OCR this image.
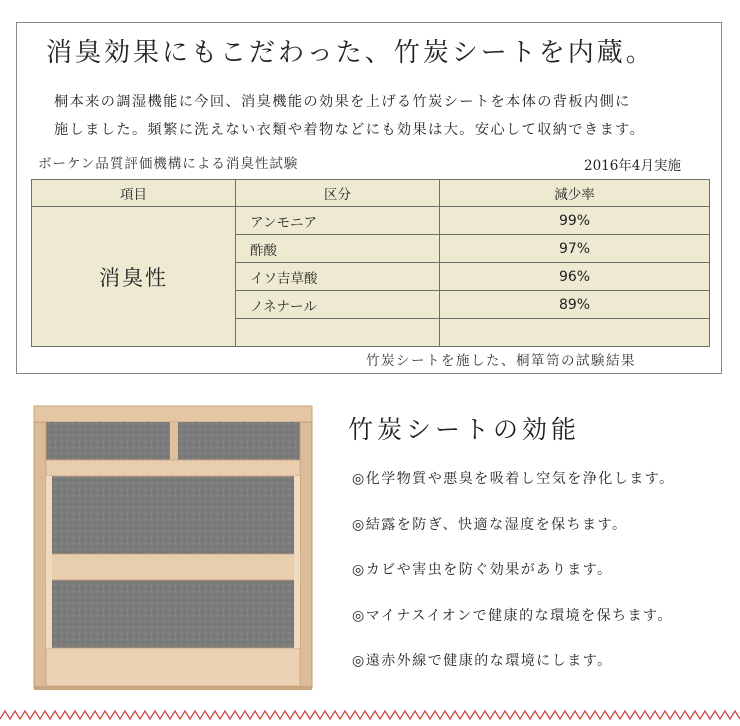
消臭効果にもこだわった、竹炭シートを内蔵。
桐本来の調湿機能に今回、消臭機能の効果を上げる竹炭シートを本体の背板内側に
施しました。頻繁に洗えない衣類や着物などにも効果は大。安心して収納できます。
ボーケン品質評価機構による消臭性試験	2016年4月実施
項目	区分	減少率
消臭性	アンモニア	99%
	酢酸	97%
	イソ吉草酸	96%
	ノネナール	89%

竹炭シートを施した、桐箪笥の試験結果
竹炭シートの効能
◎化学物質や悪臭を吸着し空気を浄化します。
◎結露を防ぎ、快適な湿度を保ちます。
◎カビや害虫を防ぐ効果があります。
◎マイナスイオンで健康的な環境を保ちます。
◎遠赤外線で健康的な環境にします。
